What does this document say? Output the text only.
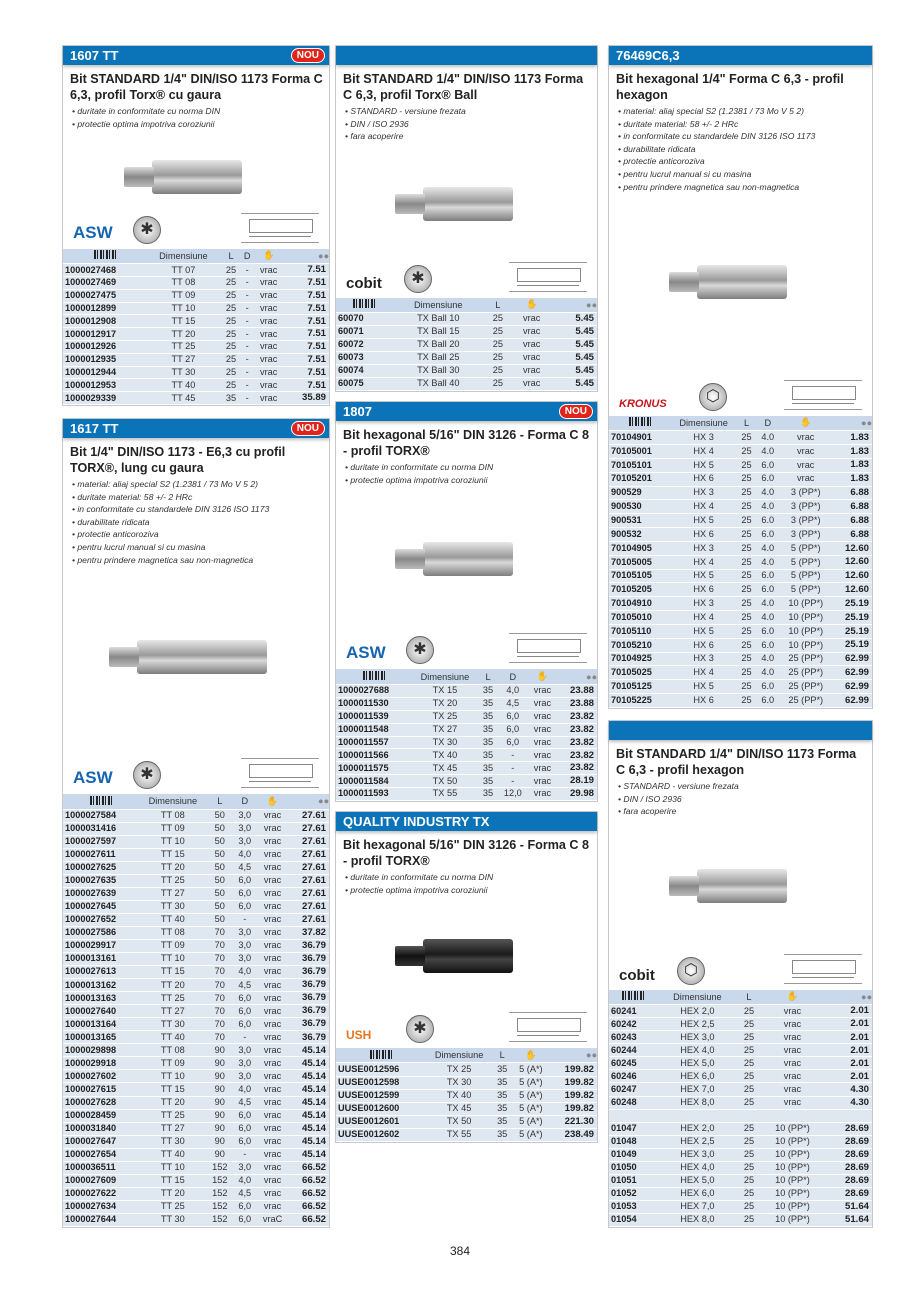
1607 TT	NOU
Bit STANDARD 1/4" DIN/ISO 1173 Forma C 6,3, profil Torx® cu gaura
• duritate in conformitate cu norma DIN
• protectie optima impotriva coroziunii
ASW	✱
	Dimensiune	L	D	✋	●●
1000027468	TT 07	25	-	vrac	7.51
1000027469	TT 08	25	-	vrac	7.51
1000027475	TT 09	25	-	vrac	7.51
1000012899	TT 10	25	-	vrac	7.51
1000012908	TT 15	25	-	vrac	7.51
1000012917	TT 20	25	-	vrac	7.51
1000012926	TT 25	25	-	vrac	7.51
1000012935	TT 27	25	-	vrac	7.51
1000012944	TT 30	25	-	vrac	7.51
1000012953	TT 40	25	-	vrac	7.51
1000029339	TT 45	35	-	vrac	35.89
1617 TT	NOU
Bit 1/4" DIN/ISO 1173 - E6,3 cu profil TORX®, lung cu gaura
• material: aliaj special S2 (1.2381 / 73 Mo V 5 2)
• duritate material: 58 +/- 2 HRc
• in conformitate cu standardele DIN 3126 ISO 1173
• durabilitate ridicata
• protectie anticoroziva
• pentru lucrul manual si cu masina
• pentru prindere magnetica sau non-magnetica
ASW	✱
	Dimensiune	L	D	✋	●●
1000027584	TT 08	50	3,0	vrac	27.61
1000031416	TT 09	50	3,0	vrac	27.61
1000027597	TT 10	50	3,0	vrac	27.61
1000027611	TT 15	50	4,0	vrac	27.61
1000027625	TT 20	50	4,5	vrac	27.61
1000027635	TT 25	50	6,0	vrac	27.61
1000027639	TT 27	50	6,0	vrac	27.61
1000027645	TT 30	50	6,0	vrac	27.61
1000027652	TT 40	50	-	vrac	27.61
1000027586	TT 08	70	3,0	vrac	37.82
1000029917	TT 09	70	3,0	vrac	36.79
1000013161	TT 10	70	3,0	vrac	36.79
1000027613	TT 15	70	4,0	vrac	36.79
1000013162	TT 20	70	4,5	vrac	36.79
1000013163	TT 25	70	6,0	vrac	36.79
1000027640	TT 27	70	6,0	vrac	36.79
1000013164	TT 30	70	6,0	vrac	36.79
1000013165	TT 40	70	-	vrac	36.79
1000029898	TT 08	90	3,0	vrac	45.14
1000029918	TT 09	90	3,0	vrac	45.14
1000027602	TT 10	90	3,0	vrac	45.14
1000027615	TT 15	90	4,0	vrac	45.14
1000027628	TT 20	90	4,5	vrac	45.14
1000028459	TT 25	90	6,0	vrac	45.14
1000031840	TT 27	90	6,0	vrac	45.14
1000027647	TT 30	90	6,0	vrac	45.14
1000027654	TT 40	90	-	vrac	45.14
1000036511	TT 10	152	3,0	vrac	66.52
1000027609	TT 15	152	4,0	vrac	66.52
1000027622	TT 20	152	4,5	vrac	66.52
1000027634	TT 25	152	6,0	vrac	66.52
1000027644	TT 30	152	6,0	vraC	66.52
Bit STANDARD 1/4" DIN/ISO 1173 Forma C 6,3, profil Torx® Ball
• STANDARD - versiune frezata
• DIN / ISO 2936
• fara acoperire
cobit	✱
	Dimensiune	L	✋	●●
60070	TX Ball 10	25	vrac	5.45
60071	TX Ball 15	25	vrac	5.45
60072	TX Ball 20	25	vrac	5.45
60073	TX Ball 25	25	vrac	5.45
60074	TX Ball 30	25	vrac	5.45
60075	TX Ball 40	25	vrac	5.45
1807	NOU
Bit hexagonal 5/16" DIN 3126 - Forma C 8 - profil TORX®
• duritate in conformitate cu norma DIN
• protectie optima impotriva coroziunii
ASW	✱
	Dimensiune	L	D	✋	●●
1000027688	TX 15	35	4,0	vrac	23.88
1000011530	TX 20	35	4,5	vrac	23.88
1000011539	TX 25	35	6,0	vrac	23.82
1000011548	TX 27	35	6,0	vrac	23.82
1000011557	TX 30	35	6,0	vrac	23.82
1000011566	TX 40	35	-	vrac	23.82
1000011575	TX 45	35	-	vrac	23.82
1000011584	TX 50	35	-	vrac	28.19
1000011593	TX 55	35	12,0	vrac	29.98
QUALITY INDUSTRY TX
Bit hexagonal 5/16" DIN 3126 - Forma C 8 - profil TORX®
• duritate in conformitate cu norma DIN
• protectie optima impotriva coroziunii
USH	✱
	Dimensiune	L	✋	●●
UUSE0012596	TX 25	35	5 (A*)	199.82
UUSE0012598	TX 30	35	5 (A*)	199.82
UUSE0012599	TX 40	35	5 (A*)	199.82
UUSE0012600	TX 45	35	5 (A*)	199.82
UUSE0012601	TX 50	35	5 (A*)	221.30
UUSE0012602	TX 55	35	5 (A*)	238.49
76469C6,3
Bit hexagonal 1/4" Forma C 6,3 - profil hexagon
• material: aliaj special S2 (1.2381 / 73 Mo V 5 2)
• duritate material: 58 +/- 2 HRc
• in conformitate cu standardele DIN 3126 ISO 1173
• durabilitate ridicata
• protectie anticoroziva
• pentru lucrul manual si cu masina
• pentru prindere magnetica sau non-magnetica
KRONUS	⬡
	Dimensiune	L	D	✋	●●
70104901	HX 3	25	4.0	vrac	1.83
70105001	HX 4	25	4.0	vrac	1.83
70105101	HX 5	25	6.0	vrac	1.83
70105201	HX 6	25	6.0	vrac	1.83
900529	HX 3	25	4.0	3 (PP*)	6.88
900530	HX 4	25	4.0	3 (PP*)	6.88
900531	HX 5	25	6.0	3 (PP*)	6.88
900532	HX 6	25	6.0	3 (PP*)	6.88
70104905	HX 3	25	4.0	5 (PP*)	12.60
70105005	HX 4	25	4.0	5 (PP*)	12.60
70105105	HX 5	25	6.0	5 (PP*)	12.60
70105205	HX 6	25	6.0	5 (PP*)	12.60
70104910	HX 3	25	4.0	10 (PP*)	25.19
70105010	HX 4	25	4.0	10 (PP*)	25.19
70105110	HX 5	25	6.0	10 (PP*)	25.19
70105210	HX 6	25	6.0	10 (PP*)	25.19
70104925	HX 3	25	4.0	25 (PP*)	62.99
70105025	HX 4	25	4.0	25 (PP*)	62.99
70105125	HX 5	25	6.0	25 (PP*)	62.99
70105225	HX 6	25	6.0	25 (PP*)	62.99
Bit STANDARD 1/4" DIN/ISO 1173 Forma C 6,3 - profil hexagon
• STANDARD - versiune frezata
• DIN / ISO 2936
• fara acoperire
cobit	⬡
	Dimensiune	L	✋	●●
60241	HEX 2,0	25	vrac	2.01
60242	HEX 2,5	25	vrac	2.01
60243	HEX 3,0	25	vrac	2.01
60244	HEX 4,0	25	vrac	2.01
60245	HEX 5,0	25	vrac	2.01
60246	HEX 6,0	25	vrac	2.01
60247	HEX 7,0	25	vrac	4.30
60248	HEX 8,0	25	vrac	4.30

01047	HEX 2,0	25	10 (PP*)	28.69
01048	HEX 2,5	25	10 (PP*)	28.69
01049	HEX 3,0	25	10 (PP*)	28.69
01050	HEX 4,0	25	10 (PP*)	28.69
01051	HEX 5,0	25	10 (PP*)	28.69
01052	HEX 6,0	25	10 (PP*)	28.69
01053	HEX 7,0	25	10 (PP*)	51.64
01054	HEX 8,0	25	10 (PP*)	51.64
384
